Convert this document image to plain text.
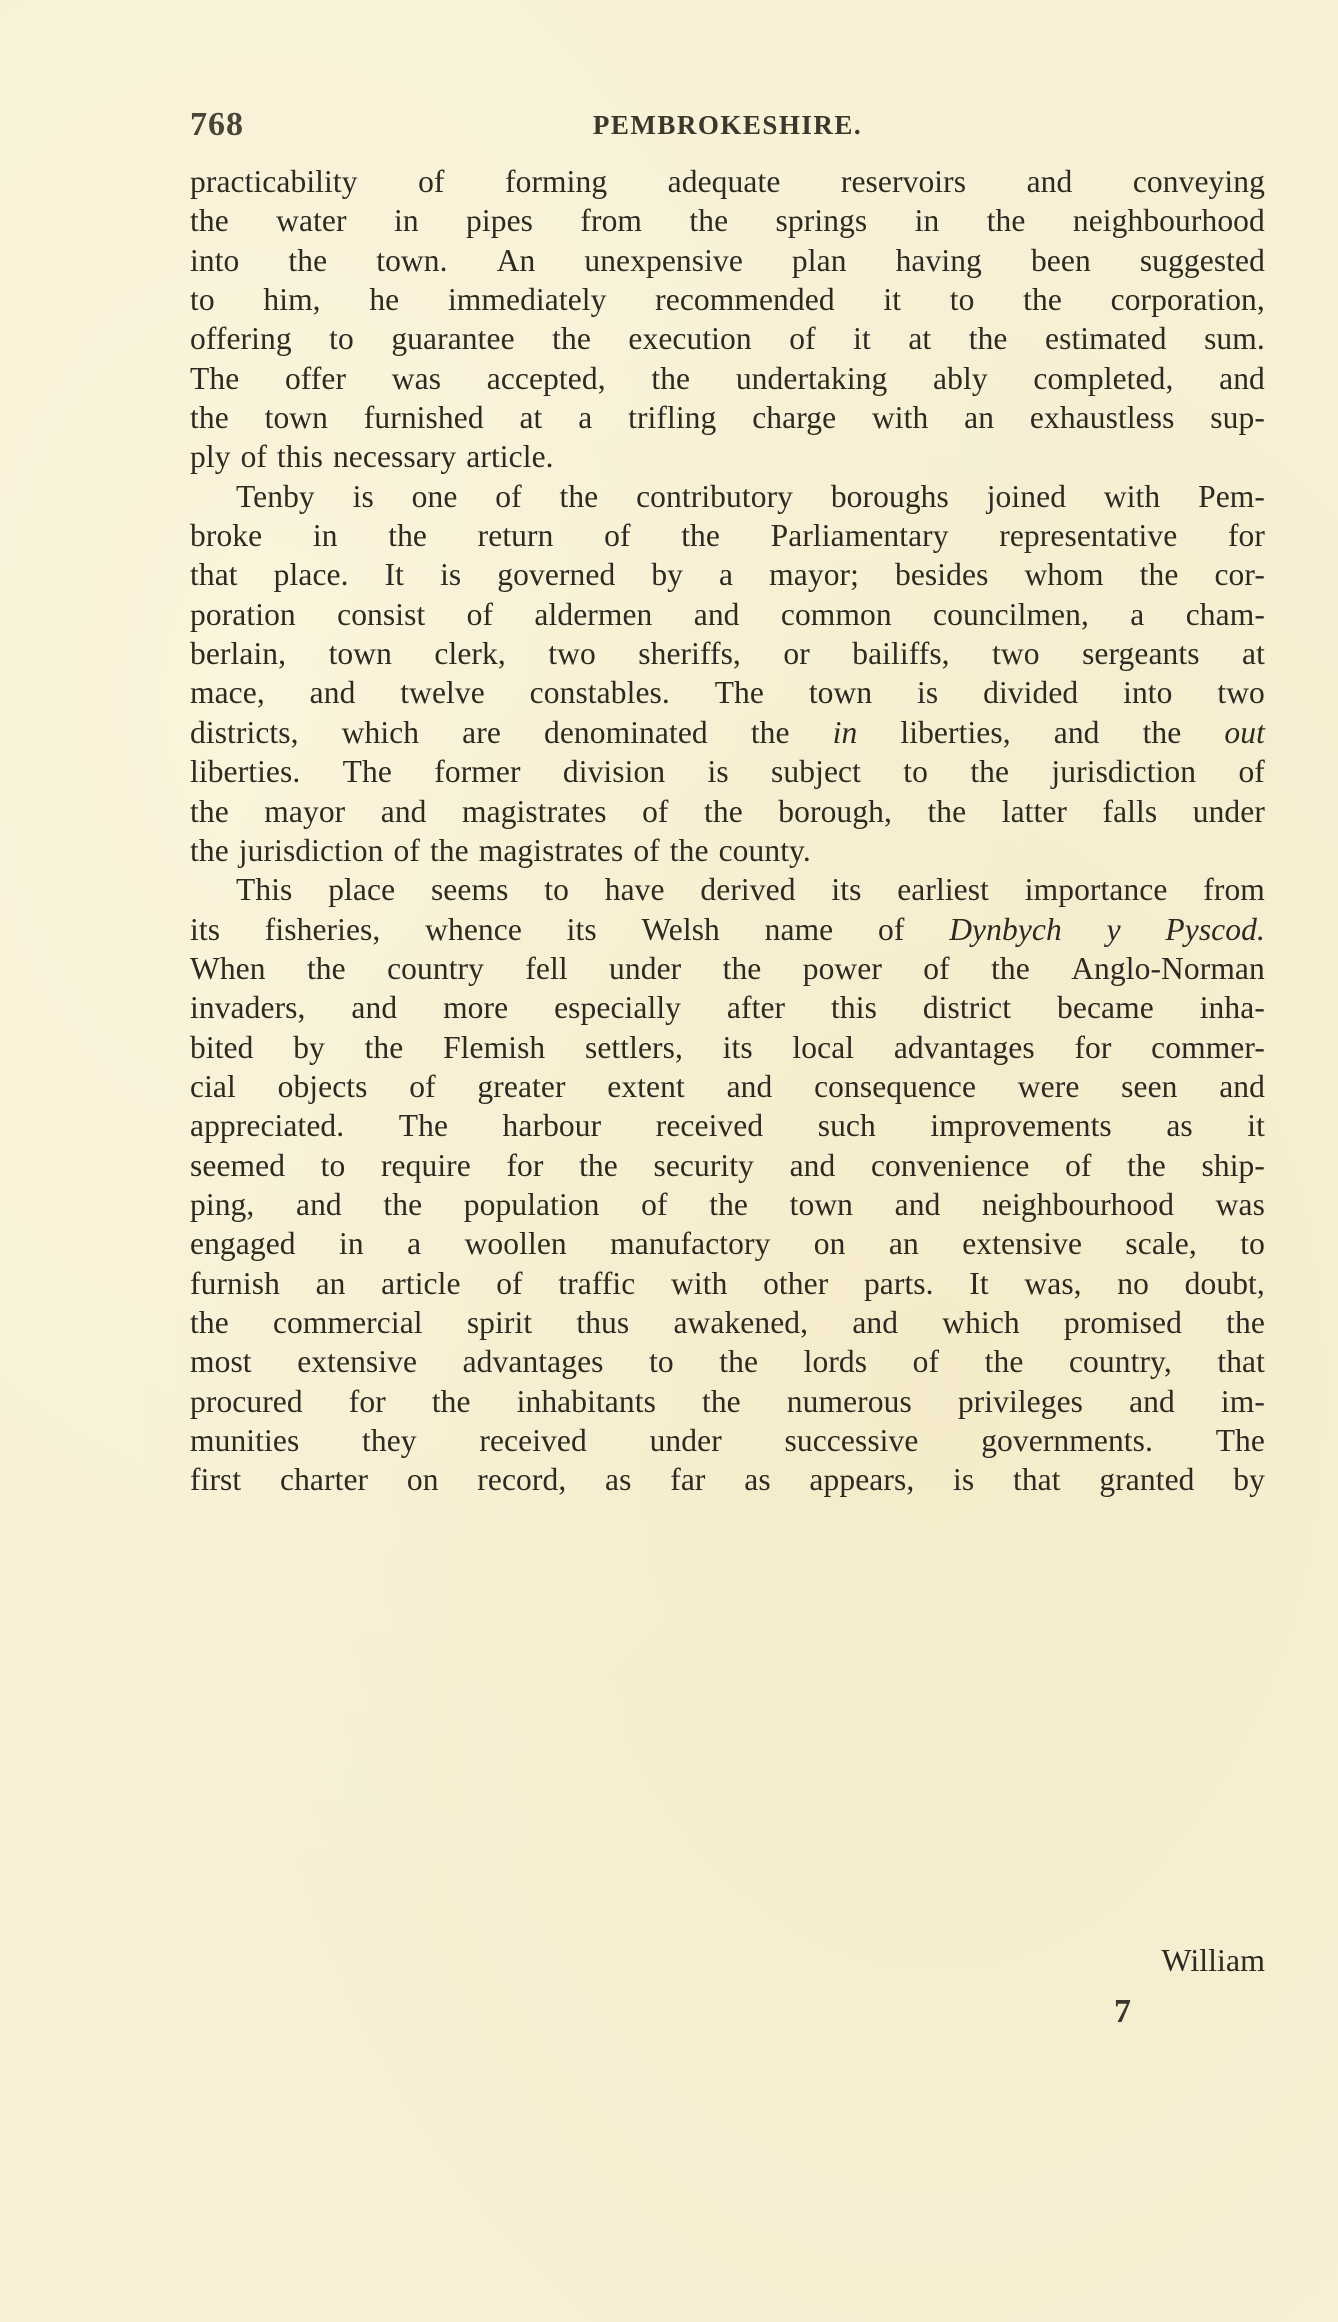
768	PEMBROKESHIRE.
practicability of forming adequate reservoirs and conveying
the water in pipes from the springs in the neighbourhood
into the town. An unexpensive plan having been suggested
to him, he immediately recommended it to the corporation,
offering to guarantee the execution of it at the estimated sum.
The offer was accepted, the undertaking ably completed, and
the town furnished at a trifling charge with an exhaustless sup-
ply of this necessary article.
Tenby is one of the contributory boroughs joined with Pem-
broke in the return of the Parliamentary representative for
that place. It is governed by a mayor; besides whom the cor-
poration consist of aldermen and common councilmen, a cham-
berlain, town clerk, two sheriffs, or bailiffs, two sergeants at
mace, and twelve constables. The town is divided into two
districts, which are denominated the in liberties, and the out
liberties. The former division is subject to the jurisdiction of
the mayor and magistrates of the borough, the latter falls under
the jurisdiction of the magistrates of the county.
This place seems to have derived its earliest importance from
its fisheries, whence its Welsh name of Dynbych y Pyscod.
When the country fell under the power of the Anglo-Norman
invaders, and more especially after this district became inha-
bited by the Flemish settlers, its local advantages for commer-
cial objects of greater extent and consequence were seen and
appreciated. The harbour received such improvements as it
seemed to require for the security and convenience of the ship-
ping, and the population of the town and neighbourhood was
engaged in a woollen manufactory on an extensive scale, to
furnish an article of traffic with other parts. It was, no doubt,
the commercial spirit thus awakened, and which promised the
most extensive advantages to the lords of the country, that
procured for the inhabitants the numerous privileges and im-
munities they received under successive governments. The
first charter on record, as far as appears, is that granted by
William
7
